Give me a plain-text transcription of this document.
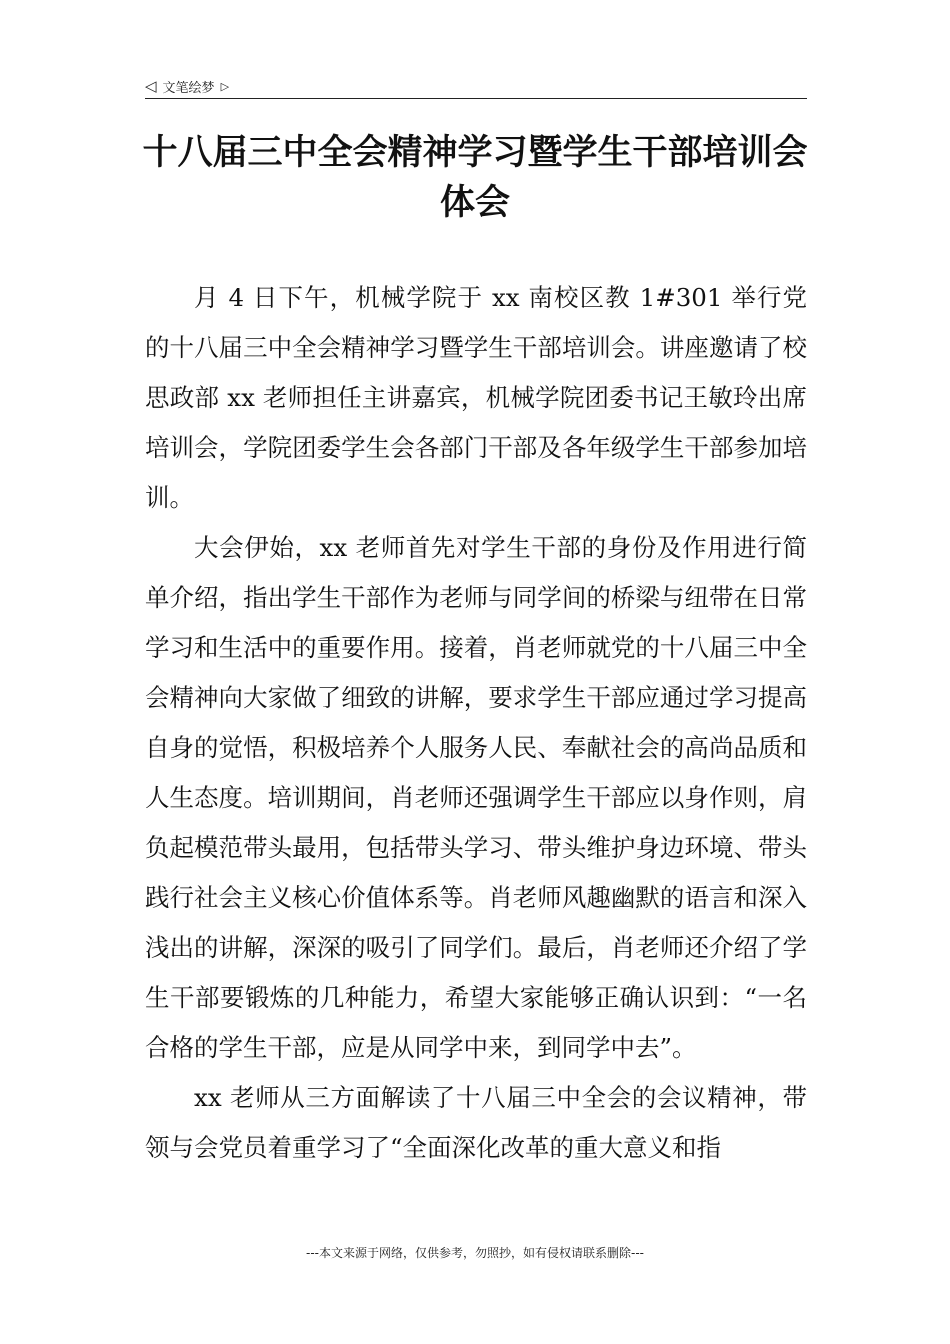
◁ 文笔绘梦 ▷
十八届三中全会精神学习暨学生干部培训会体会

月 4 日下午，机械学院于 xx 南校区教 1#301 举行党的十八届三中全会精神学习暨学生干部培训会。讲座邀请了校思政部 xx 老师担任主讲嘉宾，机械学院团委书记王敏玲出席培训会，学院团委学生会各部门干部及各年级学生干部参加培训。

大会伊始，xx 老师首先对学生干部的身份及作用进行简单介绍，指出学生干部作为老师与同学间的桥梁与纽带在日常学习和生活中的重要作用。接着，肖老师就党的十八届三中全会精神向大家做了细致的讲解，要求学生干部应通过学习提高自身的觉悟，积极培养个人服务人民、奉献社会的高尚品质和人生态度。培训期间，肖老师还强调学生干部应以身作则，肩负起模范带头最用，包括带头学习、带头维护身边环境、带头践行社会主义核心价值体系等。肖老师风趣幽默的语言和深入浅出的讲解，深深的吸引了同学们。最后，肖老师还介绍了学生干部要锻炼的几种能力，希望大家能够正确认识到：“一名合格的学生干部，应是从同学中来，到同学中去”。

xx 老师从三方面解读了十八届三中全会的会议精神，带领与会党员着重学习了“全面深化改革的重大意义和指

---本文来源于网络，仅供参考，勿照抄，如有侵权请联系删除---
